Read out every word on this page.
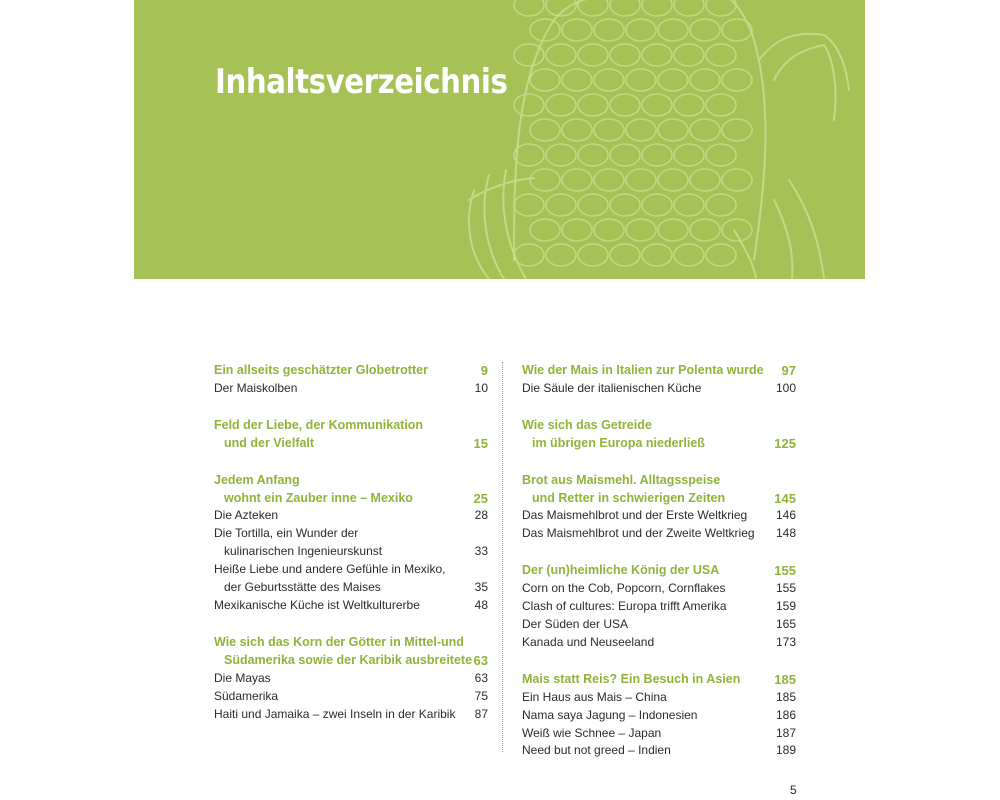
Inhaltsverzeichnis
Ein allseits geschätzter Globetrotter	9
Der Maiskolben	10
Feld der Liebe, der Kommunikation
und der Vielfalt	15
Jedem Anfang
wohnt ein Zauber inne – Mexiko	25
Die Azteken	28
Die Tortilla, ein Wunder der
kulinarischen Ingenieurskunst	33
Heiße Liebe und andere Gefühle in Mexiko,
der Geburtsstätte des Maises	35
Mexikanische Küche ist Weltkulturerbe	48
Wie sich das Korn der Götter in Mittel-und
Südamerika sowie der Karibik ausbreitete 63
Die Mayas	63
Südamerika	75
Haiti und Jamaika – zwei Inseln in der Karibik 87
Wie der Mais in Italien zur Polenta wurde 97
Die Säule der italienischen Küche	100
Wie sich das Getreide
im übrigen Europa niederließ	125
Brot aus Maismehl. Alltagsspeise
und Retter in schwierigen Zeiten	145
Das Maismehlbrot und der Erste Weltkrieg 146
Das Maismehlbrot und der Zweite Weltkrieg 148
Der (un)heimliche König der USA	155
Corn on the Cob, Popcorn, Cornflakes	155
Clash of cultures: Europa trifft Amerika	159
Der Süden der USA	165
Kanada und Neuseeland	173
Mais statt Reis? Ein Besuch in Asien	185
Ein Haus aus Mais – China	185
Nama saya Jagung – Indonesien	186
Weiß wie Schnee – Japan	187
Need but not greed – Indien	189
5
